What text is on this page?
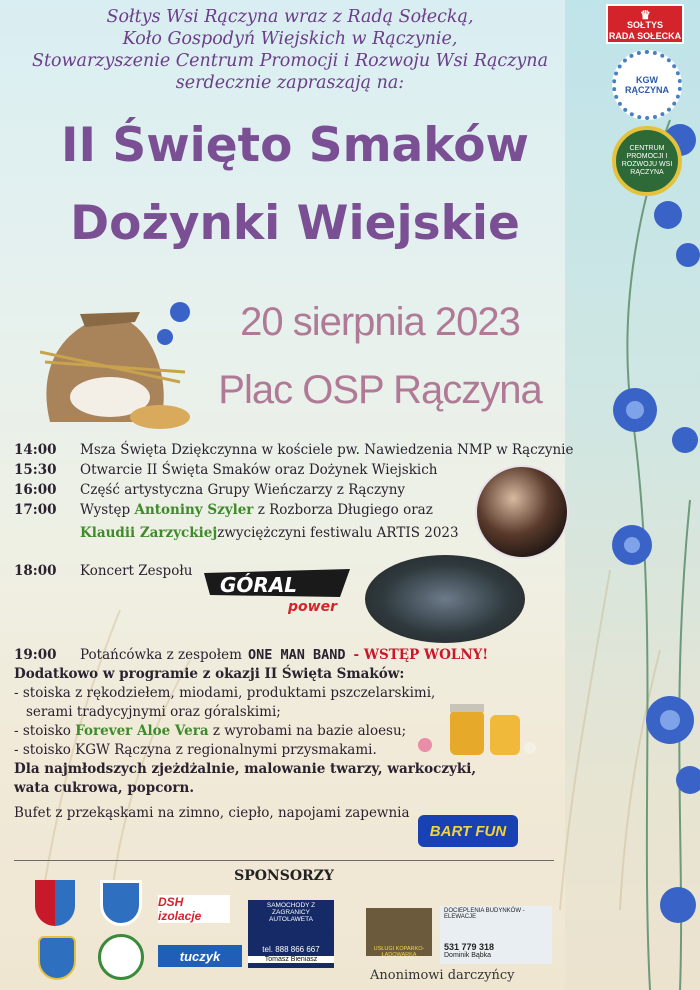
Sołtys Wsi Rączyna wraz z Radą Sołecką,
Koło Gospodyń Wiejskich w Rączynie,
Stowarzyszenie Centrum Promocji i Rozwoju Wsi Rączyna
serdecznie zapraszają na:
II Święto Smaków
Dożynki Wiejskie
20 sierpnia 2023
Plac OSP Rączyna
♛
SOŁTYS
RADA SOŁECKA
KGW
RĄCZYNA
CENTRUM PROMOCJI I ROZWOJU WSI RĄCZYNA
14:00	Msza Święta Dziękczynna w kościele pw. Nawiedzenia NMP w Rączynie
15:30	Otwarcie II Święta Smaków oraz Dożynek Wiejskich
16:00	Część artystyczna Grupy Wieńczarzy z Rączyny
17:00	Występ Antoniny Szyler z Rozborza Długiego oraz
Klaudii Zarzyckiej zwyciężczyni festiwalu ARTIS 2023
18:00	Koncert Zespołu
GÓRAL
power
19:00	Potańcówka z zespołem ONE MAN BAND - WSTĘP WOLNY!
Dodatkowo w programie z okazji II Święta Smaków:
- stoiska z rękodziełem, miodami, produktami pszczelarskimi,
serami tradycyjnymi oraz góralskimi;
- stoisko Forever Aloe Vera z wyrobami na bazie aloesu;
- stoisko KGW Rączyna z regionalnymi przysmakami.
Dla najmłodszych zjeżdżalnie, malowanie twarzy, warkoczyki,
wata cukrowa, popcorn.
Bufet z przekąskami na zimno, ciepło, napojami zapewnia
BART FUN
SPONSORZY
DSH izolacje
SAMOCHODY Z ZAGRANICY
AUTOLAWETA
tel. 888 866 667
Tomasz Bieniasz
USŁUGI KOPARKO-ŁADOWARKĄ
DOCIEPLENIA BUDYNKÓW - ELEWACJE
531 779 318
Dominik Bąbka
tuczyk
Anonimowi darczyńcy
